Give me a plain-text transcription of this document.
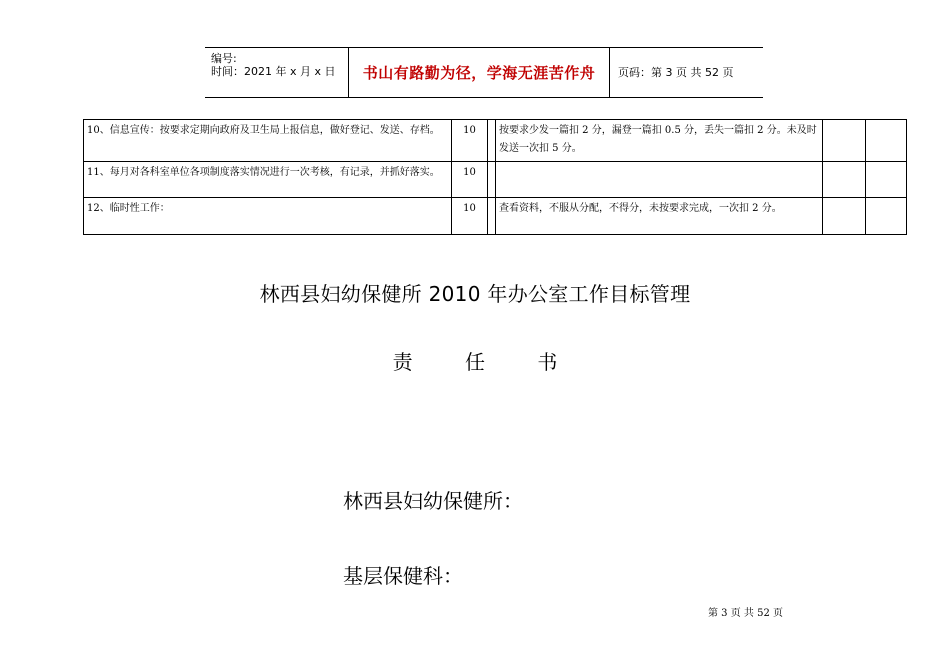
编号:
时间：2021 年 x 月 x 日	书山有路勤为径，学海无涯苦作舟	页码：第 3 页 共 52 页
10、信息宣传：按要求定期向政府及卫生局上报信息，做好登记、发送、存档。	10		按要求少发一篇扣 2 分，漏登一篇扣 0.5 分，丢失一篇扣 2 分。未及时发送一次扣 5 分。		
11、每月对各科室单位各项制度落实情况进行一次考核，有记录，并抓好落实。	10				
12、临时性工作：	10		查看资料，不服从分配，不得分，未按要求完成，一次扣 2 分。		
林西县妇幼保健所 2010 年办公室工作目标管理
责 任 书
林西县妇幼保健所：
基层保健科：
第 3 页 共 52 页
